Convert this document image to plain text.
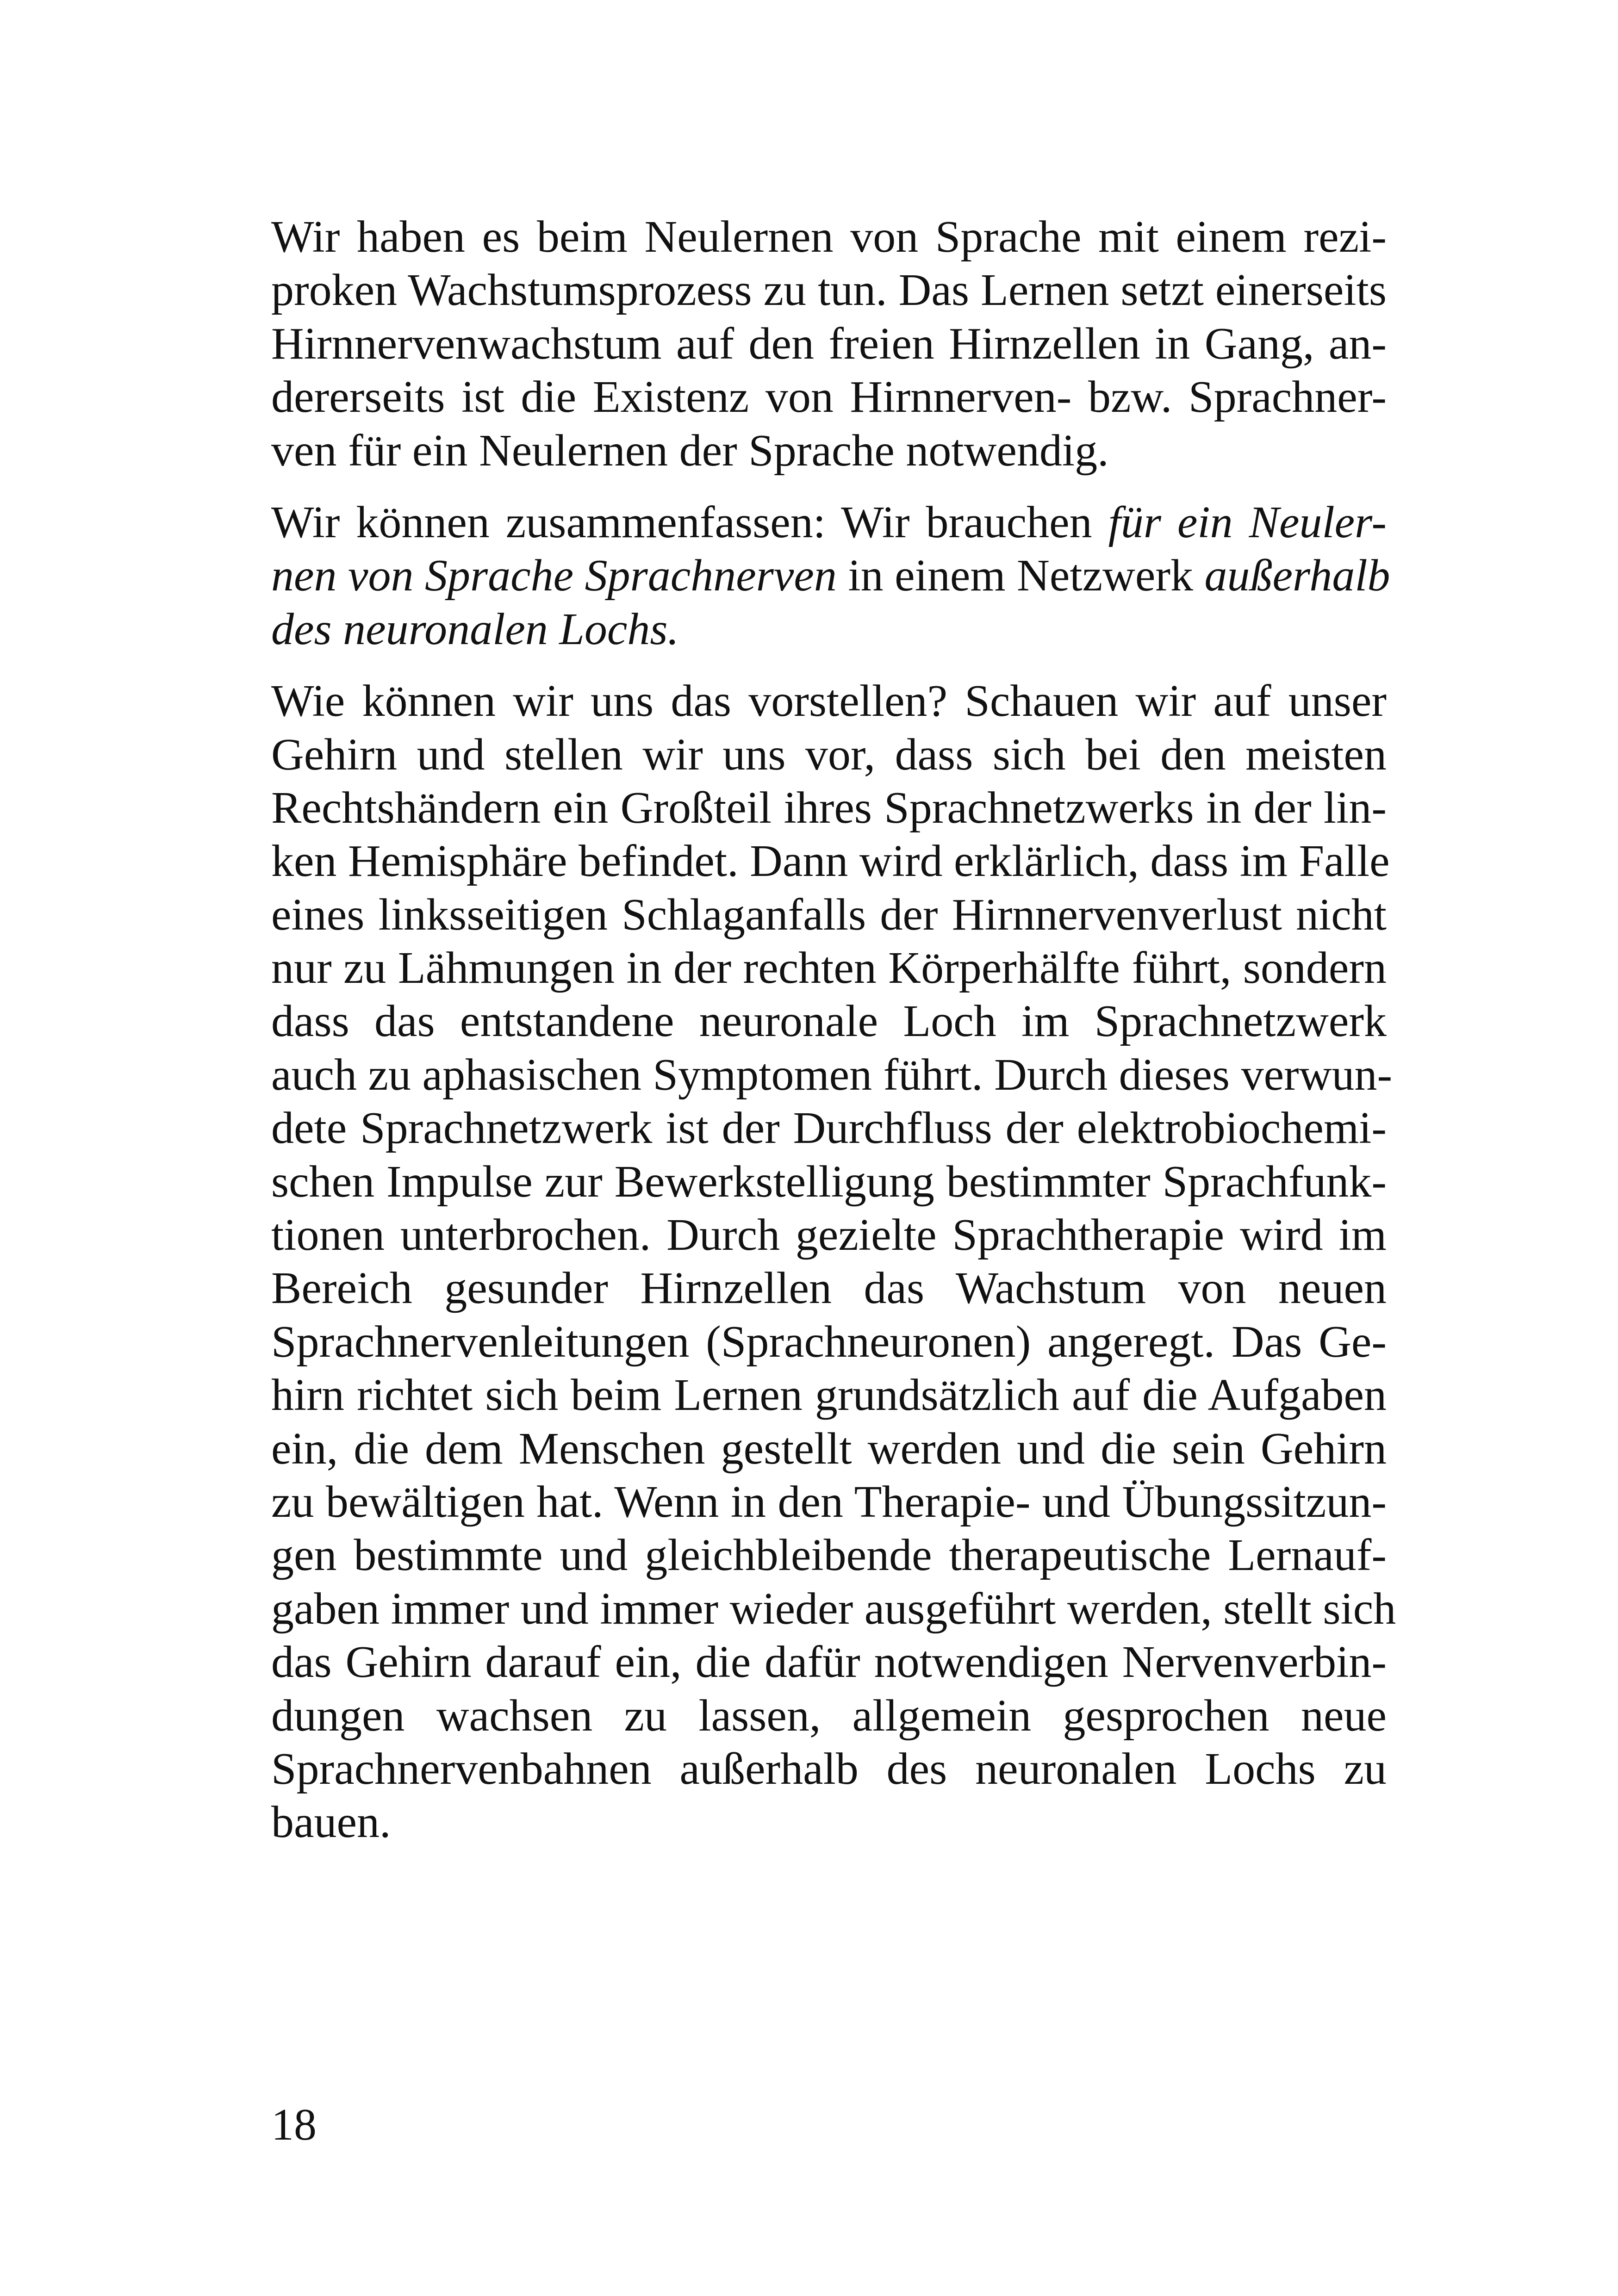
Wir haben es beim Neulernen von Sprache mit einem rezi-
proken Wachstumsprozess zu tun. Das Lernen setzt einerseits
Hirnnervenwachstum auf den freien Hirnzellen in Gang, an-
dererseits ist die Existenz von Hirnnerven- bzw. Sprachner-
ven für ein Neulernen der Sprache notwendig.
Wir können zusammenfassen: Wir brauchen für ein Neuler-
nen von Sprache Sprachnerven in einem Netzwerk außerhalb
des neuronalen Lochs.
Wie können wir uns das vorstellen? Schauen wir auf unser
Gehirn und stellen wir uns vor, dass sich bei den meisten
Rechtshändern ein Großteil ihres Sprachnetzwerks in der lin-
ken Hemisphäre befindet. Dann wird erklärlich, dass im Falle
eines linksseitigen Schlaganfalls der Hirnnervenverlust nicht
nur zu Lähmungen in der rechten Körperhälfte führt, sondern
dass das entstandene neuronale Loch im Sprachnetzwerk
auch zu aphasischen Symptomen führt. Durch dieses verwun-
dete Sprachnetzwerk ist der Durchfluss der elektrobiochemi-
schen Impulse zur Bewerkstelligung bestimmter Sprachfunk-
tionen unterbrochen. Durch gezielte Sprachtherapie wird im
Bereich gesunder Hirnzellen das Wachstum von neuen
Sprachnervenleitungen (Sprachneuronen) angeregt. Das Ge-
hirn richtet sich beim Lernen grundsätzlich auf die Aufgaben
ein, die dem Menschen gestellt werden und die sein Gehirn
zu bewältigen hat. Wenn in den Therapie- und Übungssitzun-
gen bestimmte und gleichbleibende therapeutische Lernauf-
gaben immer und immer wieder ausgeführt werden, stellt sich
das Gehirn darauf ein, die dafür notwendigen Nervenverbin-
dungen wachsen zu lassen, allgemein gesprochen neue
Sprachnervenbahnen außerhalb des neuronalen Lochs zu
bauen.
18
